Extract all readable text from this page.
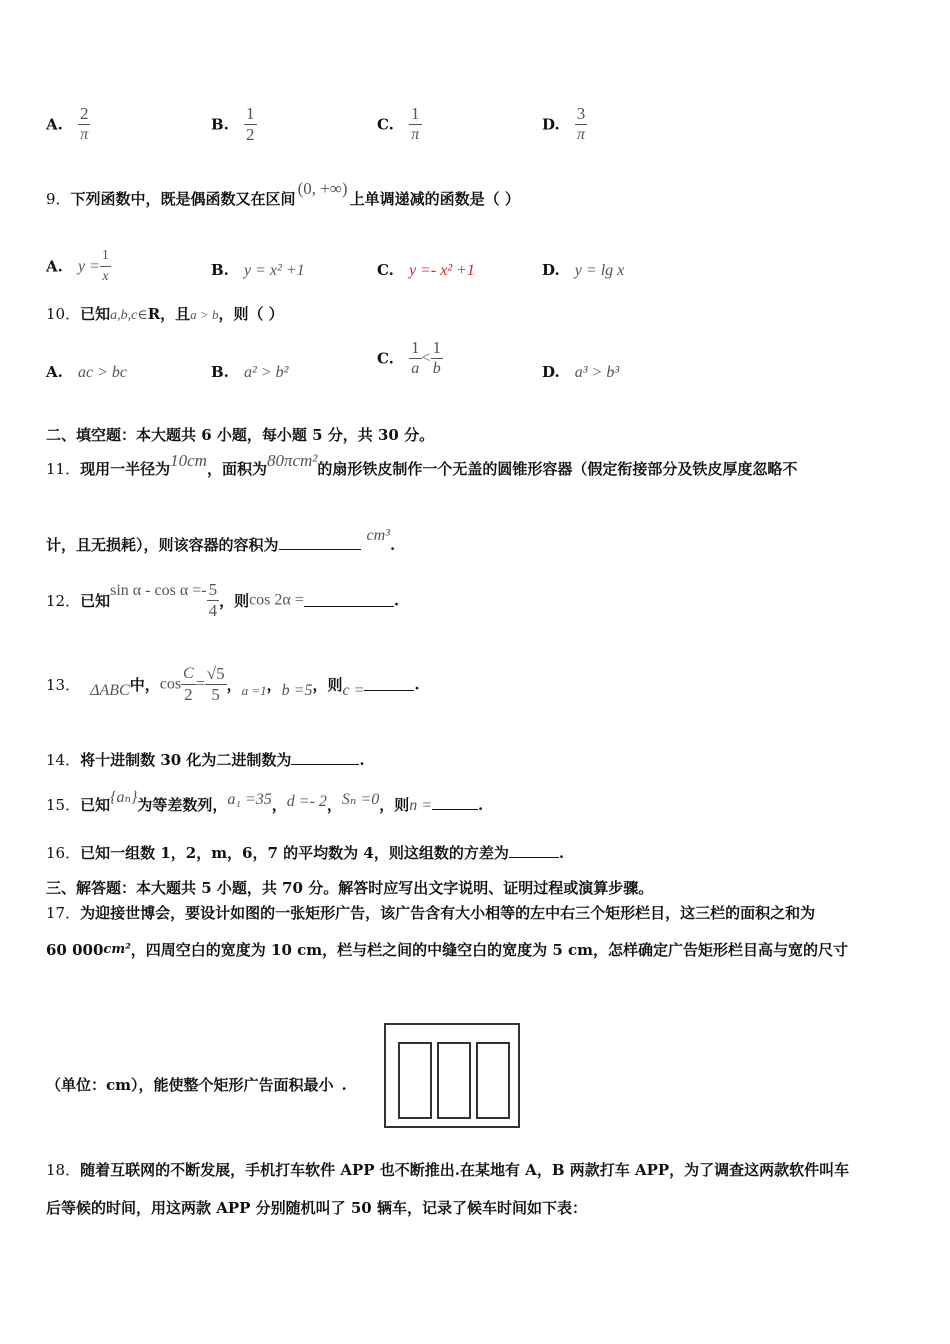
A. $\frac{2}{\pi}$	B. $\frac{1}{2}$	C. $\frac{1}{\pi}$	D. $\frac{3}{\pi}$
9．下列函数中，既是偶函数又在区间(0, +∞)上单调递减的函数是（ ）
A. $y = \frac{1}{x}$	B. y = x² +1	C. y =- x² +1	D. y = lg x
10．已知a,b,c∈R，且a > b，则（ ）
A. ac > bc	B. a² > b²
C. $\frac{1}{a} < \frac{1}{b}$	D. a³ > b³
二、填空题：本大题共 6 小题，每小题 5 分，共 30 分。
11．现用一半径为10cm，面积为80πcm²的扇形铁皮制作一个无盖的圆锥形容器（假定衔接部分及铁皮厚度忽略不
计，且无损耗），则该容器的容积为cm³.
12．已知$\sin \alpha - \cos \alpha =- \frac{5}{4}$ ，则cos 2α =	.
13． ΔABC中，$\cos \frac{C}{2} = \frac{√5}{5}$ ，a =1，b =5，则c =	.
14．将十进制数 30 化为二进制数为	.
15．已知{aₙ}为等差数列，a₁ =35，d =- 2，Sₙ =0，则n =	.
16．已知一组数 1，2，m，6，7 的平均数为 4，则这组数的方差为	.
三、解答题：本大题共 5 小题，共 70 分。解答时应写出文字说明、证明过程或演算步骤。
17．为迎接世博会，要设计如图的一张矩形广告，该广告含有大小相等的左中右三个矩形栏目，这三栏的面积之和为
60 000cm²，四周空白的宽度为 10 cm，栏与栏之间的中缝空白的宽度为 5 cm，怎样确定广告矩形栏目高与宽的尺寸
（单位：cm），能使整个矩形广告面积最小 .
18．随着互联网的不断发展，手机打车软件 APP 也不断推出.在某地有 A，B 两款打车 APP，为了调查这两款软件叫车
后等候的时间，用这两款 APP 分别随机叫了 50 辆车，记录了候车时间如下表：
